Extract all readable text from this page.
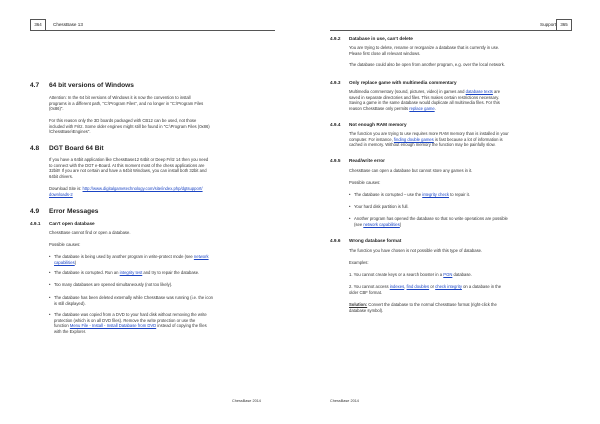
364	ChessBase 13
4.7 64 bit versions of Windows
Attention: In the 64 bit versions of Windows it is now the convention to install
programs in a different path, "C:\Program Files", and no longer in "C:\Program Files
(0x86)".
For this reason only the 3D boards packaged with CB12 can be used, not those
included with Fritz. Some older engines might still be found in "C:\Program Files (0x86)
\ChessBase\Engines".
4.8 DGT Board 64 Bit
If you have a 64bit application like ChessBase12 64bit or Deep Fritz 14 then you need
to connect with the DGT e-Board. At this moment most of the chess applications are
32bit!! If you are not certain and have a 64bit Windows, you can install both 32bit and
64bit drivers.
Download Site is: http://www.digitalgametechnology.com/site/index.php/dgtsupport/
downloads-2
4.9 Error Messages
4.9.1 Can't open database
ChessBase cannot find or open a database.
Possible causes:
• The database is being used by another program in write-protect mode (see network
capabilities)
• The database is corrupted. Run an integrity test and try to repair the database.
• Too many databases are opened simultaneously (not too likely).
• The database has been deleted externally while ChessBase was running (i.e. the icon
is still displayed).
• The database was copied from a DVD to your hard disk without removing the write
protection (which is on all DVD files). Remove the write protection or use the
function Menu File - Install - Install Database from DVD instead of copying the files
with the Explorer.
ChessBase 2014
Support 365
4.9.2 Database in use, can't delete
You are trying to delete, rename or reorganize a database that is currently in use.
Please first close all relevant windows.
The database could also be open from another program, e.g. over the local network.
4.9.3 Only replace game with multimedia commentary
Multimedia commentary (sound, pictures, video) in games and database texts are
saved in separate directories and files. This makes certain restrictions necessary.
Saving a game in the same database would duplicate all multimedia files. For this
reason ChessBase only permits replace game.
4.9.4 Not enough RAM memory
The function you are trying to use requires more RAM memory than is installed in your
computer. For instance, finding double games is fast because a lot of information is
cached in memory. Without enough memory the function may be painfully slow.
4.9.5 Read/write error
ChessBase can open a database but cannot store any games in it.
Possible causes:
• The database is corrupted – use the integrity check to repair it.
• Your hard disk partition is full.
• Another program has opened the database so that no write operations are possible
(see network capabilities)
4.9.6 Wrong database format
The function you have chosen is not possible with this type of database.
Examples:
1. You cannot create keys or a search booster in a PGN database.
2. You cannot access indexes, find doubles or check integrity on a database in the
older CBF format.
Solution: Convert the database to the normal ChessBase format (right-click the
database symbol).
ChessBase 2014
